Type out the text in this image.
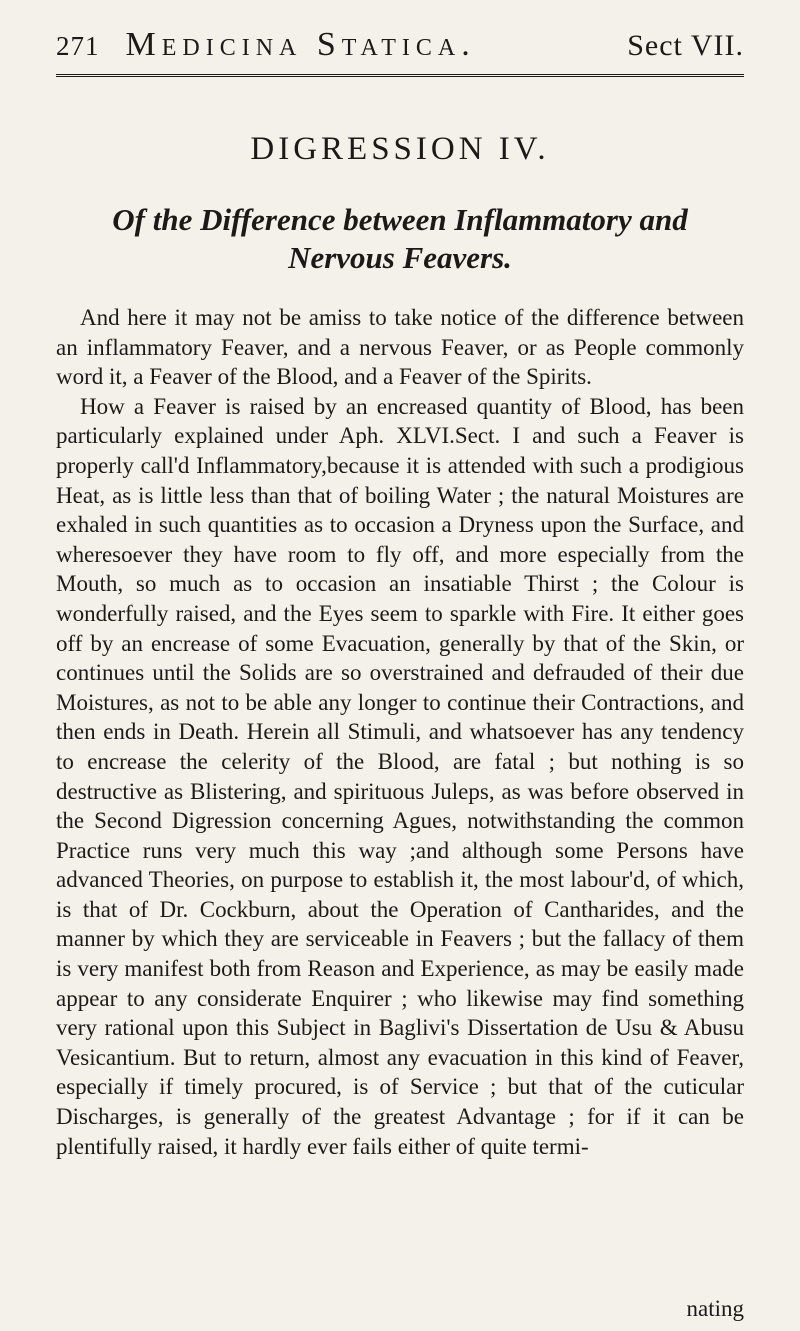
271 Medicina Statica.	Sect VII.
DIGRESSION IV.
Of the Difference between Inflammatory and Nervous Feavers.

And here it may not be amiss to take notice of the difference between an inflammatory Feaver, and a nervous Feaver, or as People commonly word it, a Feaver of the Blood, and a Feaver of the Spirits.

How a Feaver is raised by an encreased quantity of Blood, has been particularly explained under Aph. XLVI.Sect. I and such a Feaver is properly call'd Inflammatory,because it is attended with such a prodigious Heat, as is little less than that of boiling Water ; the natural Moistures are exhaled in such quantities as to occasion a Dryness upon the Surface, and wheresoever they have room to fly off, and more especially from the Mouth, so much as to occasion an insatiable Thirst ; the Colour is wonderfully raised, and the Eyes seem to sparkle with Fire. It either goes off by an encrease of some Evacuation, generally by that of the Skin, or continues until the Solids are so overstrained and defrauded of their due Moistures, as not to be able any longer to continue their Contractions, and then ends in Death. Herein all Stimuli, and whatsoever has any tendency to encrease the celerity of the Blood, are fatal ; but nothing is so destructive as Blistering, and spirituous Juleps, as was before observed in the Second Digression concerning Agues, notwithstanding the common Practice runs very much this way ;and although some Persons have advanced Theories, on purpose to establish it, the most labour'd, of which, is that of Dr. Cockburn, about the Operation of Cantharides, and the manner by which they are serviceable in Feavers ; but the fallacy of them is very manifest both from Reason and Experience, as may be easily made appear to any considerate Enquirer ; who likewise may find something very rational upon this Subject in Baglivi's Dissertation de Usu & Abusu Vesicantium. But to return, almost any evacuation in this kind of Feaver, especially if timely procured, is of Service ; but that of the cuticular Discharges, is generally of the greatest Advantage ; for if it can be plentifully raised, it hardly ever fails either of quite termi-

nating
